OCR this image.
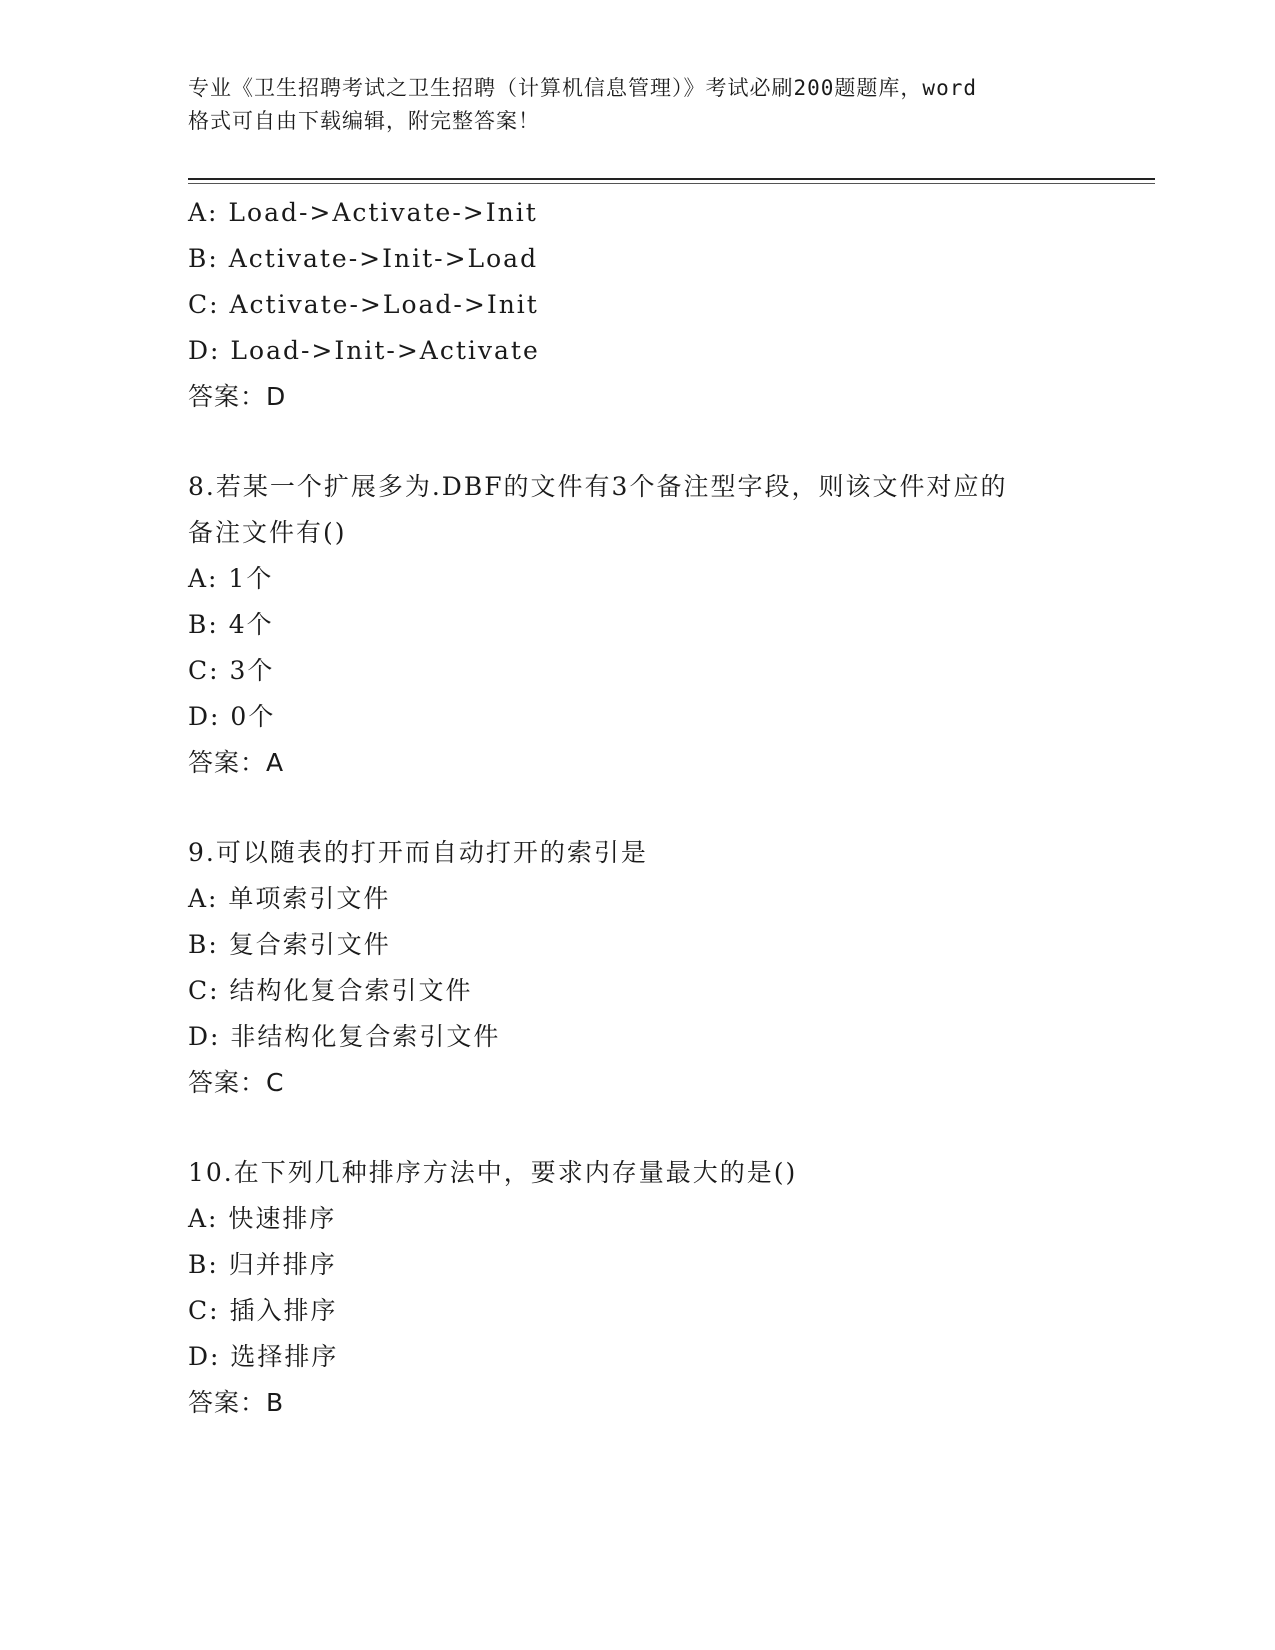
专业《卫生招聘考试之卫生招聘（计算机信息管理）》考试必刷200题题库，word
格式可自由下载编辑，附完整答案！
A: Load->Activate->Init
B: Activate->Init->Load
C: Activate->Load->Init
D: Load->Init->Activate
答案：D
8.若某一个扩展多为.DBF的文件有3个备注型字段，则该文件对应的
备注文件有()
A: 1个
B: 4个
C: 3个
D: 0个
答案：A
9.可以随表的打开而自动打开的索引是
A: 单项索引文件
B: 复合索引文件
C: 结构化复合索引文件
D: 非结构化复合索引文件
答案：C
10.在下列几种排序方法中，要求内存量最大的是()
A: 快速排序
B: 归并排序
C: 插入排序
D: 选择排序
答案：B
